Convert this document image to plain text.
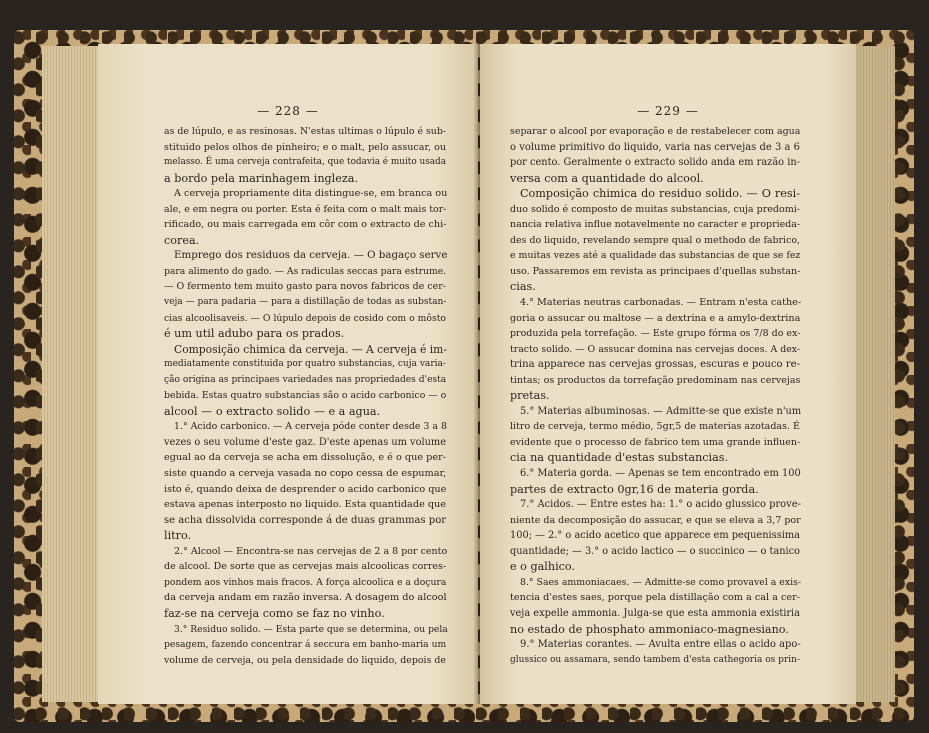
— 228 —
as de lúpulo, e as resinosas. N'estas ultimas o lúpulo é sub-
stituido pelos olhos de pinheiro; e o malt, pelo assucar, ou
melasso. É uma cerveja contrafeita, que todavia é muito usada
a bordo pela marinhagem ingleza.
A cerveja propriamente dita distingue-se, em branca ou
ale, e em negra ou porter. Esta é feita com o malt mais tor-
rificado, ou mais carregada em côr com o extracto de chi-
corea.
Emprego dos residuos da cerveja. — O bagaço serve
para alimento do gado. — As radiculas seccas para estrume.
— O fermento tem muito gasto para novos fabricos de cer-
veja — para padaria — para a distillação de todas as substan-
cias alcoolisaveis. — O lúpulo depois de cosido com o môsto
é um util adubo para os prados.
Composição chimica da cerveja. — A cerveja é im-
mediatamente constituida por quatro substancias, cuja varia-
ção origina as principaes variedades nas propriedades d'esta
bebida. Estas quatro substancias são o acido carbonico — o
alcool — o extracto solido — e a agua.
1.° Acido carbonico. — A cerveja póde conter desde 3 a 8
vezes o seu volume d'este gaz. D'este apenas um volume
egual ao da cerveja se acha em dissolução, e é o que per-
siste quando a cerveja vasada no copo cessa de espumar,
isto é, quando deixa de desprender o acido carbonico que
estava apenas interposto no liquido. Esta quantidade que
se acha dissolvida corresponde á de duas grammas por
litro.
2.° Alcool — Encontra-se nas cervejas de 2 a 8 por cento
de alcool. De sorte que as cervejas mais alcoolicas corres-
pondem aos vinhos mais fracos. A força alcoolica e a doçura
da cerveja andam em razão inversa. A dosagem do alcool
faz-se na cerveja como se faz no vinho.
3.° Residuo solido. — Esta parte que se determina, ou pela
pesagem, fazendo concentrar á seccura em banho-maria um
volume de cerveja, ou pela densidade do liquido, depois de
— 229 —
separar o alcool por evaporação e de restabelecer com agua
o volume primitivo do liquido, varia nas cervejas de 3 a 6
por cento. Geralmente o extracto solido anda em razão in-
versa com a quantidade do alcool.
Composição chimica do residuo solido. — O resi-
duo solido é composto de muitas substancias, cuja predomi-
nancia relativa influe notavelmente no caracter e proprieda-
des do liquido, revelando sempre qual o methodo de fabrico,
e muitas vezes até a qualidade das substancias de que se fez
uso. Passaremos em revista as principaes d'quellas substan-
cias.
4.° Materias neutras carbonadas. — Entram n'esta cathe-
goria o assucar ou maltose — a dextrina e a amylo-dextrina
produzida pela torrefação. — Este grupo fórma os 7/8 do ex-
tracto solido. — O assucar domina nas cervejas doces. A dex-
trina apparece nas cervejas grossas, escuras e pouco re-
tintas; os productos da torrefação predominam nas cervejas
pretas.
5.° Materias albuminosas. — Admitte-se que existe n'um
litro de cerveja, termo médio, 5gr,5 de materias azotadas. É
evidente que o processo de fabrico tem uma grande influen-
cia na quantidade d'estas substancias.
6.° Materia gorda. — Apenas se tem encontrado em 100
partes de extracto 0gr,16 de materia gorda.
7.° Acidos. — Entre estes ha: 1.° o acido glussico prove-
niente da decomposição do assucar, e que se eleva a 3,7 por
100; — 2.° o acido acetico que apparece em pequenissima
quantidade; — 3.° o acido lactico — o succinico — o tanico
e o galhico.
8.° Saes ammoniacaes. — Admitte-se como provavel a exis-
tencia d'estes saes, porque pela distillação com a cal a cer-
veja expelle ammonia. Julga-se que esta ammonia existiria
no estado de phosphato ammoniaco-magnesiano.
9.° Materias corantes. — Avulta entre ellas o acido apo-
glussico ou assamara, sendo tambem d'esta cathegoria os prin-
